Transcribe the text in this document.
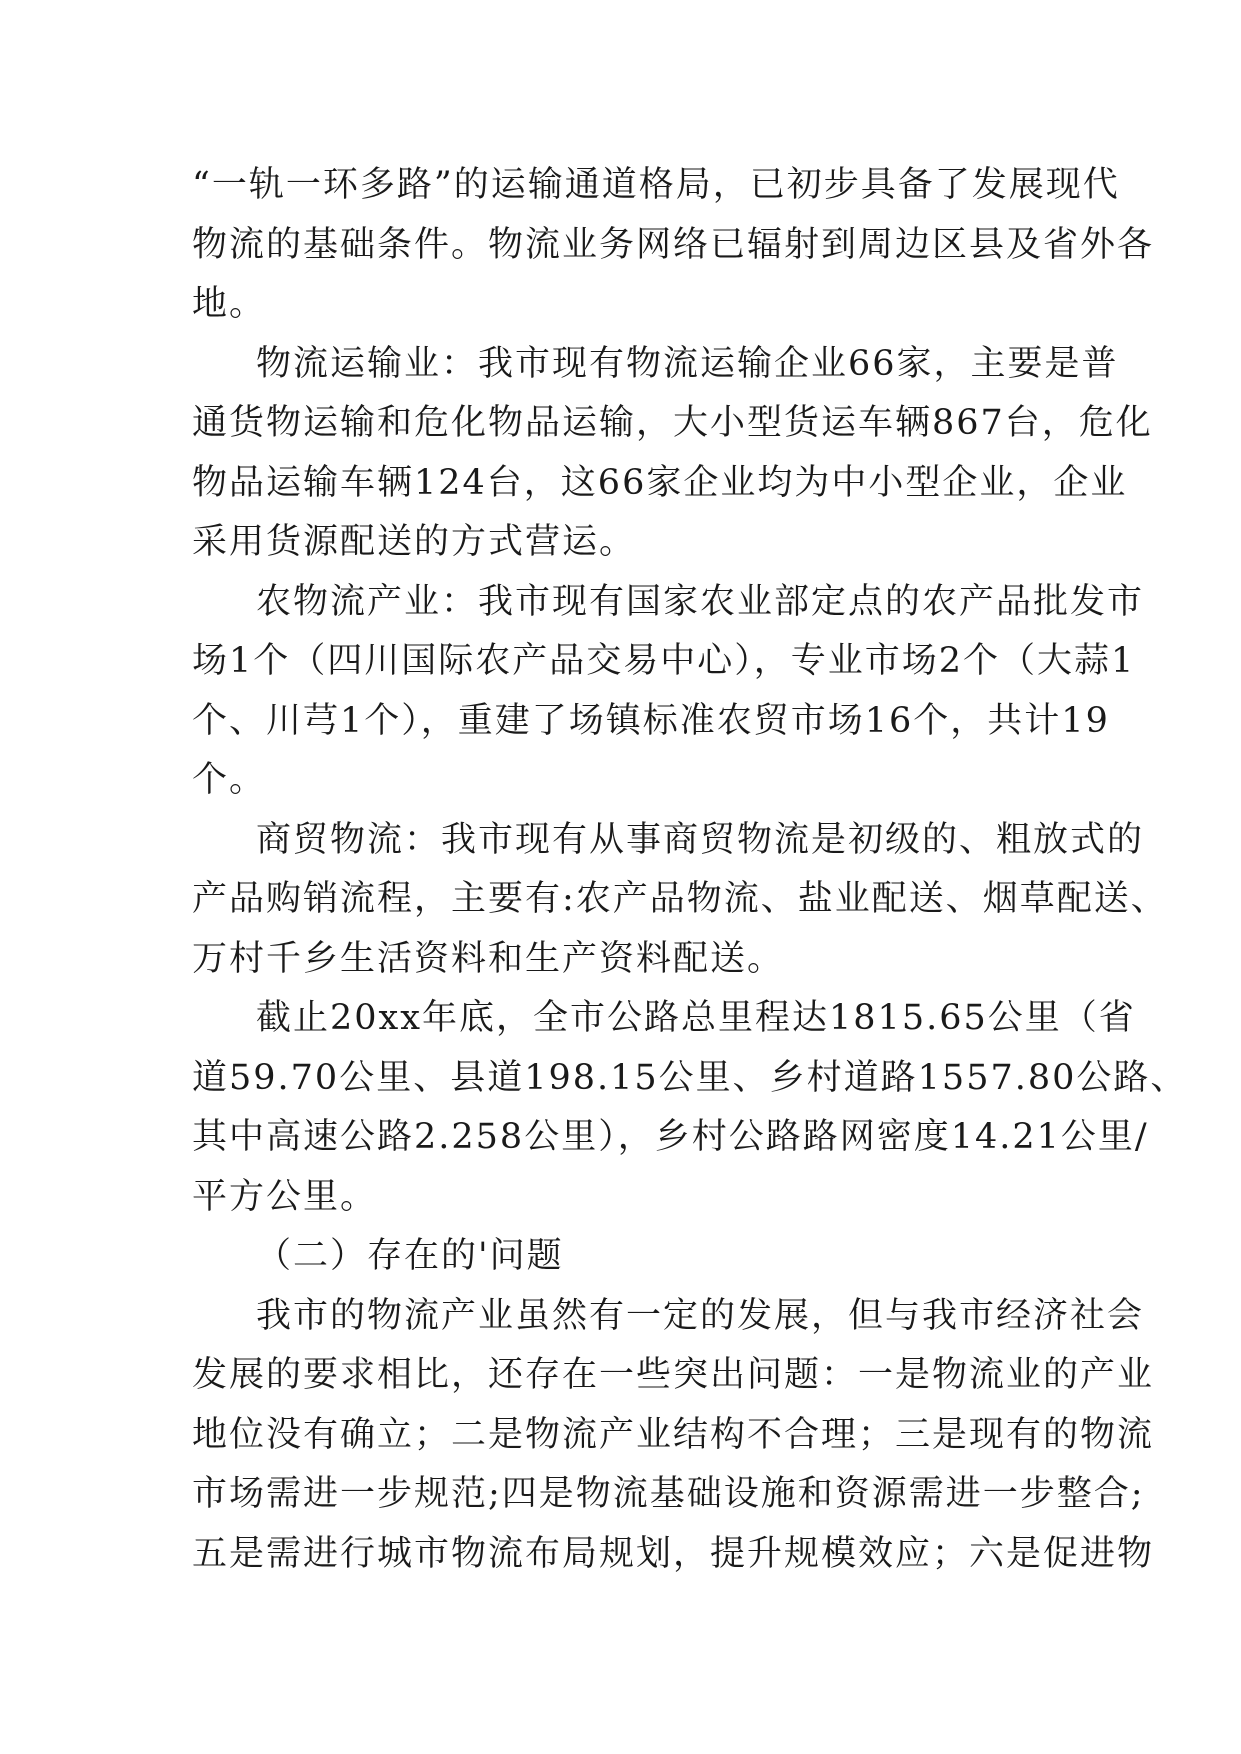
“一轨一环多路”的运输通道格局，已初步具备了发展现代
物流的基础条件。物流业务网络已辐射到周边区县及省外各
地。
物流运输业：我市现有物流运输企业66家，主要是普
通货物运输和危化物品运输，大小型货运车辆867台，危化
物品运输车辆124台，这66家企业均为中小型企业，企业
采用货源配送的方式营运。
农物流产业：我市现有国家农业部定点的农产品批发市
场1个（四川国际农产品交易中心），专业市场2个（大蒜1
个、川芎1个），重建了场镇标准农贸市场16个，共计19
个。
商贸物流：我市现有从事商贸物流是初级的、粗放式的
产品购销流程，主要有:农产品物流、盐业配送、烟草配送、
万村千乡生活资料和生产资料配送。
截止20xx年底，全市公路总里程达1815.65公里（省
道59.70公里、县道198.15公里、乡村道路1557.80公路、
其中高速公路2.258公里），乡村公路路网密度14.21公里/
平方公里。
（二）存在的'问题
我市的物流产业虽然有一定的发展，但与我市经济社会
发展的要求相比，还存在一些突出问题：一是物流业的产业
地位没有确立；二是物流产业结构不合理；三是现有的物流
市场需进一步规范;四是物流基础设施和资源需进一步整合;
五是需进行城市物流布局规划，提升规模效应；六是促进物
